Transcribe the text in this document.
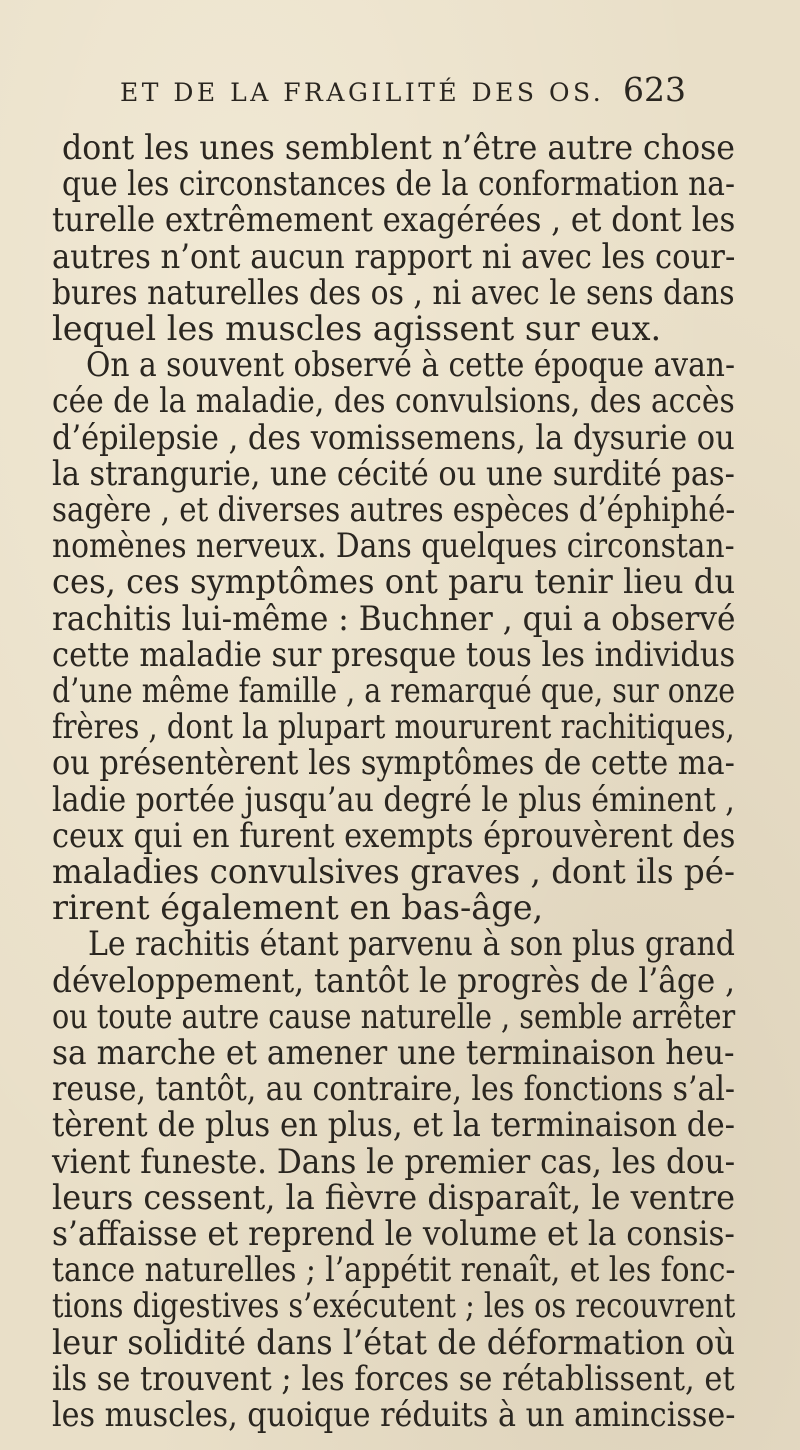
ET DE LA FRAGILITÉ DES OS. 623
dont les unes semblent n’être autre chose
que les circonstances de la conformation na-
turelle extrêmement exagérées , et dont les
autres n’ont aucun rapport ni avec les cour-
bures naturelles des os , ni avec le sens dans
lequel les muscles agissent sur eux.
On a souvent observé à cette époque avan-
cée de la maladie, des convulsions, des accès
d’épilepsie , des vomissemens, la dysurie ou
la strangurie, une cécité ou une surdité pas-
sagère , et diverses autres espèces d’éphiphé-
nomènes nerveux. Dans quelques circonstan-
ces, ces symptômes ont paru tenir lieu du
rachitis lui-même : Buchner , qui a observé
cette maladie sur presque tous les individus
d’une même famille , a remarqué que, sur onze
frères , dont la plupart moururent rachitiques,
ou présentèrent les symptômes de cette ma-
ladie portée jusqu’au degré le plus éminent ,
ceux qui en furent exempts éprouvèrent des
maladies convulsives graves , dont ils pé-
rirent également en bas-âge,
Le rachitis étant parvenu à son plus grand
développement, tantôt le progrès de l’âge ,
ou toute autre cause naturelle , semble arrêter
sa marche et amener une terminaison heu-
reuse, tantôt, au contraire, les fonctions s’al-
tèrent de plus en plus, et la terminaison de-
vient funeste. Dans le premier cas, les dou-
leurs cessent, la fièvre disparaît, le ventre
s’affaisse et reprend le volume et la consis-
tance naturelles ; l’appétit renaît, et les fonc-
tions digestives s’exécutent ; les os recouvrent
leur solidité dans l’état de déformation où
ils se trouvent ; les forces se rétablissent, et
les muscles, quoique réduits à un amincisse-
